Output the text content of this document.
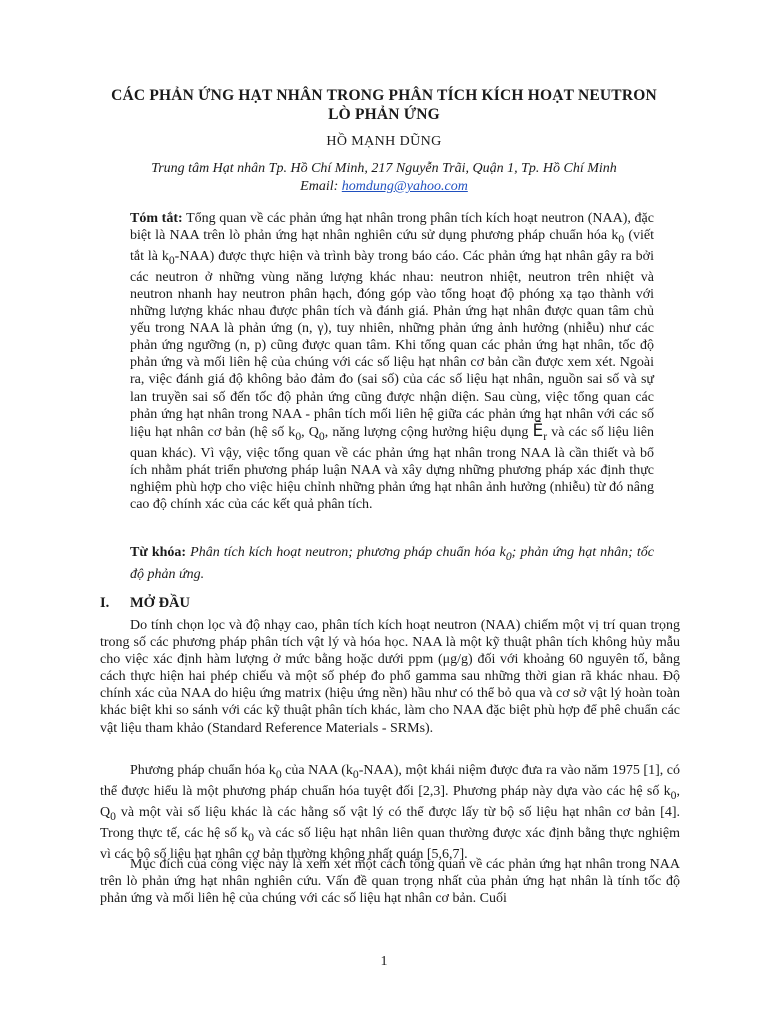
CÁC PHẢN ỨNG HẠT NHÂN TRONG PHÂN TÍCH KÍCH HOẠT NEUTRON
LÒ PHẢN ỨNG
HỒ MẠNH DŨNG
Trung tâm Hạt nhân Tp. Hồ Chí Minh, 217 Nguyễn Trãi, Quận 1, Tp. Hồ Chí Minh
Email: homdung@yahoo.com

Tóm tắt: Tổng quan về các phản ứng hạt nhân trong phân tích kích hoạt neutron (NAA), đặc biệt là NAA trên lò phản ứng hạt nhân nghiên cứu sử dụng phương pháp chuẩn hóa $k_0$ (viết tắt là $k_0-NAA$) được thực hiện và trình bày trong báo cáo. Các phản ứng hạt nhân gây ra bởi các neutron ở những vùng năng lượng khác nhau: neutron nhiệt, neutron trên nhiệt và neutron nhanh hay neutron phân hạch, đóng góp vào tổng hoạt độ phóng xạ tạo thành với những lượng khác nhau được phân tích và đánh giá. Phản ứng hạt nhân được quan tâm chủ yếu trong NAA là phản ứng (n, γ), tuy nhiên, những phản ứng ảnh hưởng (nhiễu) như các phản ứng ngưỡng (n, p) cũng được quan tâm. Khi tổng quan các phản ứng hạt nhân, tốc độ phản ứng và mối liên hệ của chúng với các số liệu hạt nhân cơ bản cần được xem xét. Ngoài ra, việc đánh giá độ không bảo đảm đo (sai số) của các số liệu hạt nhân, nguồn sai số và sự lan truyền sai số đến tốc độ phản ứng cũng được nhận diện. Sau cùng, việc tổng quan các phản ứng hạt nhân trong NAA - phân tích mối liên hệ giữa các phản ứng hạt nhân với các số liệu hạt nhân cơ bản (hệ số $k_0$, $Q_0$, năng lượng cộng hưởng hiệu dụng $Ē_r$ và các số liệu liên quan khác). Vì vậy, việc tổng quan về các phản ứng hạt nhân trong NAA là cần thiết và bổ ích nhằm phát triển phương pháp luận NAA và xây dựng những phương pháp xác định thực nghiệm phù hợp cho việc hiệu chỉnh những phản ứng hạt nhân ảnh hưởng (nhiễu) từ đó nâng cao độ chính xác của các kết quả phân tích.

Từ khóa: Phân tích kích hoạt neutron; phương pháp chuẩn hóa $k_0$; phản ứng hạt nhân; tốc độ phản ứng.

I. MỞ ĐẦU

Do tính chọn lọc và độ nhạy cao, phân tích kích hoạt neutron (NAA) chiếm một vị trí quan trọng trong số các phương pháp phân tích vật lý và hóa học. NAA là một kỹ thuật phân tích không hủy mẫu cho việc xác định hàm lượng ở mức bằng hoặc dưới ppm (μg/g) đối với khoảng 60 nguyên tố, bằng cách thực hiện hai phép chiếu và một số phép đo phổ gamma sau những thời gian rã khác nhau. Độ chính xác của NAA do hiệu ứng matrix (hiệu ứng nền) hầu như có thể bỏ qua và cơ sở vật lý hoàn toàn khác biệt khi so sánh với các kỹ thuật phân tích khác, làm cho NAA đặc biệt phù hợp để phê chuẩn các vật liệu tham khảo (Standard Reference Materials - SRMs).

Phương pháp chuẩn hóa $k_0$ của NAA $(k_0-NAA)$, một khái niệm được đưa ra vào năm 1975 [1], có thể được hiểu là một phương pháp chuẩn hóa tuyệt đối [2,3]. Phương pháp này dựa vào các hệ số $k_0$, $Q_0$ và một vài số liệu khác là các hằng số vật lý có thể được lấy từ bộ số liệu hạt nhân cơ bản [4]. Trong thực tế, các hệ số $k_0$ và các số liệu hạt nhân liên quan thường được xác định bằng thực nghiệm vì các bộ số liệu hạt nhân cơ bản thường không nhất quán [5,6,7].

Mục đích của công việc này là xem xét một cách tổng quan về các phản ứng hạt nhân trong NAA trên lò phản ứng hạt nhân nghiên cứu. Vấn đề quan trọng nhất của phản ứng hạt nhân là tính tốc độ phản ứng và mối liên hệ của chúng với các số liệu hạt nhân cơ bản. Cuối

1
